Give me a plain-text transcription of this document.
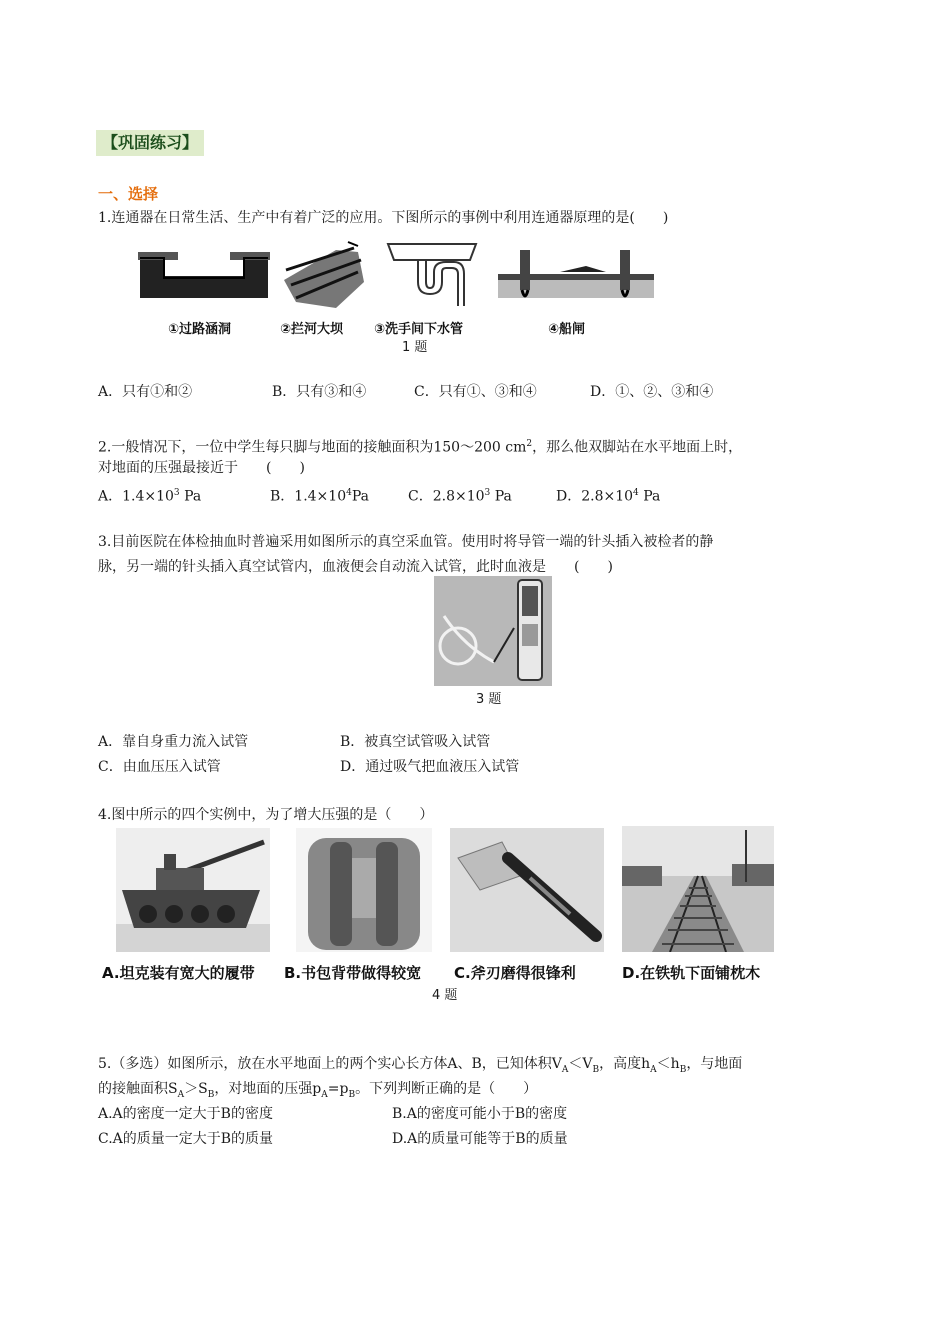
【巩固练习】
一、选择
1.连通器在日常生活、生产中有着广泛的应用。下图所示的事例中利用连通器原理的是(　　)
①过路涵洞	②拦河大坝 ③洗手间下水管	④船闸
1 题
A．只有①和②	B．只有③和④	C．只有①、③和④	D．①、②、③和④
2.一般情况下，一位中学生每只脚与地面的接触面积为150～200 $cm^2$，那么他双脚站在水平地面上时，
对地面的压强最接近于　　(　　)
A．$1.4\times 10^3$ Pa	B．$1.4\times 10^4Pa$	C．$2.8\times 10^3$ Pa	D．$2.8\times 10^4$ Pa
3.目前医院在体检抽血时普遍采用如图所示的真空采血管。使用时将导管一端的针头插入被检者的静
脉，另一端的针头插入真空试管内，血液便会自动流入试管，此时血液是　　(　　)
3 题
A．靠自身重力流入试管	B．被真空试管吸入试管
C．由血压压入试管	D．通过吸气把血液压入试管
4.图中所示的四个实例中，为了增大压强的是（　　）
A.坦克装有宽大的履带 B.书包背带做得较宽 C.斧刃磨得很锋利	D.在铁轨下面铺枕木
4 题
5.（多选）如图所示，放在水平地面上的两个实心长方体A、B，已知体积$V_A<V_B$，高度$h_A<h_B$，与地面
的接触面积$S_A>S_B$，对地面的压强$p_A=p_B$。下列判断正确的是（　　）
A.A的密度一定大于B的密度	B.A的密度可能小于B的密度
C.A的质量一定大于B的质量	D.A的质量可能等于B的质量
